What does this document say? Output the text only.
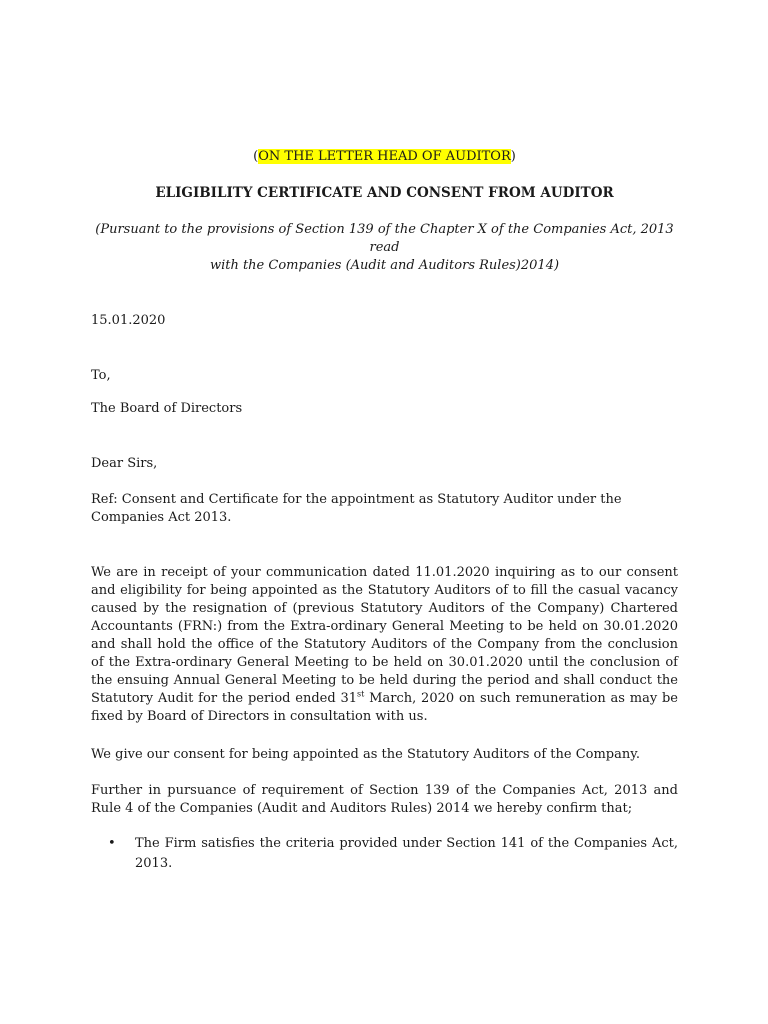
(ON THE LETTER HEAD OF AUDITOR)
ELIGIBILITY CERTIFICATE AND CONSENT FROM AUDITOR
(Pursuant to the provisions of Section 139 of the Chapter X of the Companies Act, 2013 read
with the Companies (Audit and Auditors Rules)2014)
15.01.2020
To,
The Board of Directors
Dear Sirs,
Ref: Consent and Certificate for the appointment as Statutory Auditor under the Companies Act 2013.
We are in receipt of your communication dated 11.01.2020 inquiring as to our consent and eligibility for being appointed as the Statutory Auditors of to fill the casual vacancy caused by the resignation of (previous Statutory Auditors of the Company) Chartered Accountants (FRN:) from the Extra-ordinary General Meeting to be held on 30.01.2020 and shall hold the office of the Statutory Auditors of the Company from the conclusion of the Extra-ordinary General Meeting to be held on 30.01.2020 until the conclusion of the ensuing Annual General Meeting to be held during the period and shall conduct the Statutory Audit for the period ended 31st March, 2020 on such remuneration as may be fixed by Board of Directors in consultation with us.
We give our consent for being appointed as the Statutory Auditors of the Company.
Further in pursuance of requirement of Section 139 of the Companies Act, 2013 and Rule 4 of the Companies (Audit and Auditors Rules) 2014 we hereby confirm that;
• The Firm satisfies the criteria provided under Section 141 of the Companies Act, 2013.
